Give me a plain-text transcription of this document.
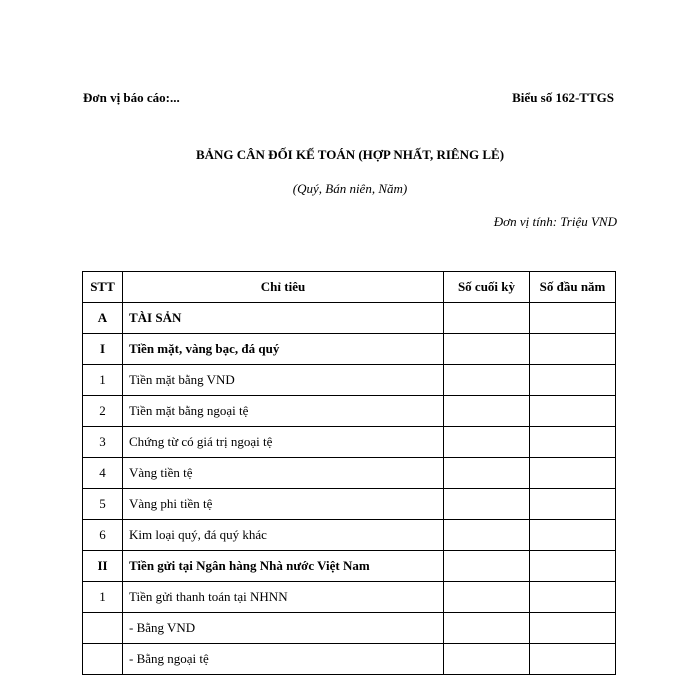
Đơn vị báo cáo:...	Biểu số 162-TTGS
BẢNG CÂN ĐỐI KẾ TOÁN (HỢP NHẤT, RIÊNG LẺ)
(Quý, Bán niên, Năm)
Đơn vị tính: Triệu VND
STT	Chỉ tiêu	Số cuối kỳ	Số đầu năm
A	TÀI SẢN		
I	Tiền mặt, vàng bạc, đá quý		
1	Tiền mặt bằng VND		
2	Tiền mặt bằng ngoại tệ		
3	Chứng từ có giá trị ngoại tệ		
4	Vàng tiền tệ		
5	Vàng phi tiền tệ		
6	Kim loại quý, đá quý khác		
II	Tiền gửi tại Ngân hàng Nhà nước Việt Nam		
1	Tiền gửi thanh toán tại NHNN		
	- Bằng VND		
	- Bằng ngoại tệ		
